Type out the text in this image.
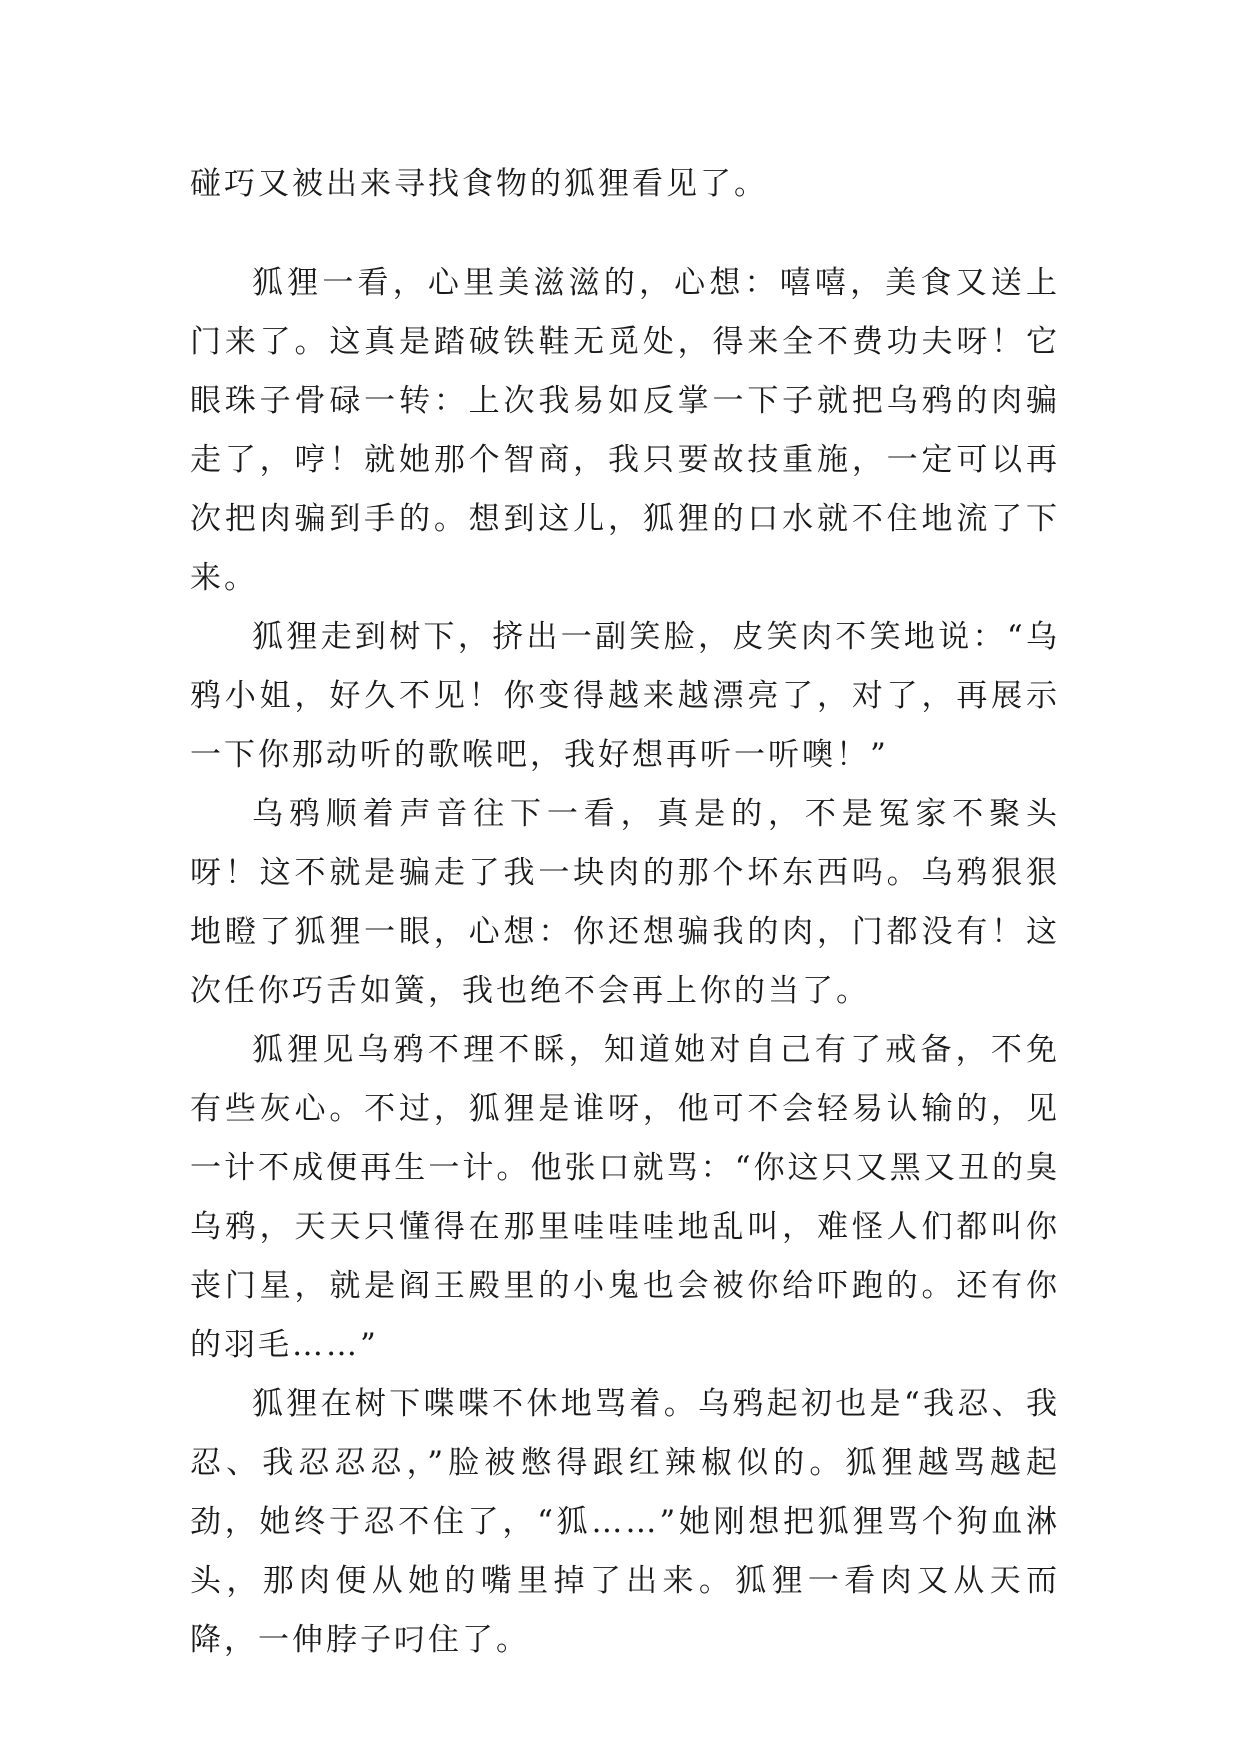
碰巧又被出来寻找食物的狐狸看见了。

狐狸一看，心里美滋滋的，心想：嘻嘻，美食又送上门来了。这真是踏破铁鞋无觅处，得来全不费功夫呀！它眼珠子骨碌一转：上次我易如反掌一下子就把乌鸦的肉骗走了，哼！就她那个智商，我只要故技重施，一定可以再次把肉骗到手的。想到这儿，狐狸的口水就不住地流了下来。

狐狸走到树下，挤出一副笑脸，皮笑肉不笑地说：“乌鸦小姐，好久不见！你变得越来越漂亮了，对了，再展示一下你那动听的歌喉吧，我好想再听一听噢！”

乌鸦顺着声音往下一看，真是的，不是冤家不聚头呀！这不就是骗走了我一块肉的那个坏东西吗。乌鸦狠狠地瞪了狐狸一眼，心想：你还想骗我的肉，门都没有！这次任你巧舌如簧，我也绝不会再上你的当了。

狐狸见乌鸦不理不睬，知道她对自己有了戒备，不免有些灰心。不过，狐狸是谁呀，他可不会轻易认输的，见一计不成便再生一计。他张口就骂：“你这只又黑又丑的臭乌鸦，天天只懂得在那里哇哇哇地乱叫，难怪人们都叫你丧门星，就是阎王殿里的小鬼也会被你给吓跑的。还有你的羽毛……”

狐狸在树下喋喋不休地骂着。乌鸦起初也是“我忍、我忍、我忍忍忍，”脸被憋得跟红辣椒似的。狐狸越骂越起劲，她终于忍不住了，“狐……”她刚想把狐狸骂个狗血淋头，那肉便从她的嘴里掉了出来。狐狸一看肉又从天而降，一伸脖子叼住了。
